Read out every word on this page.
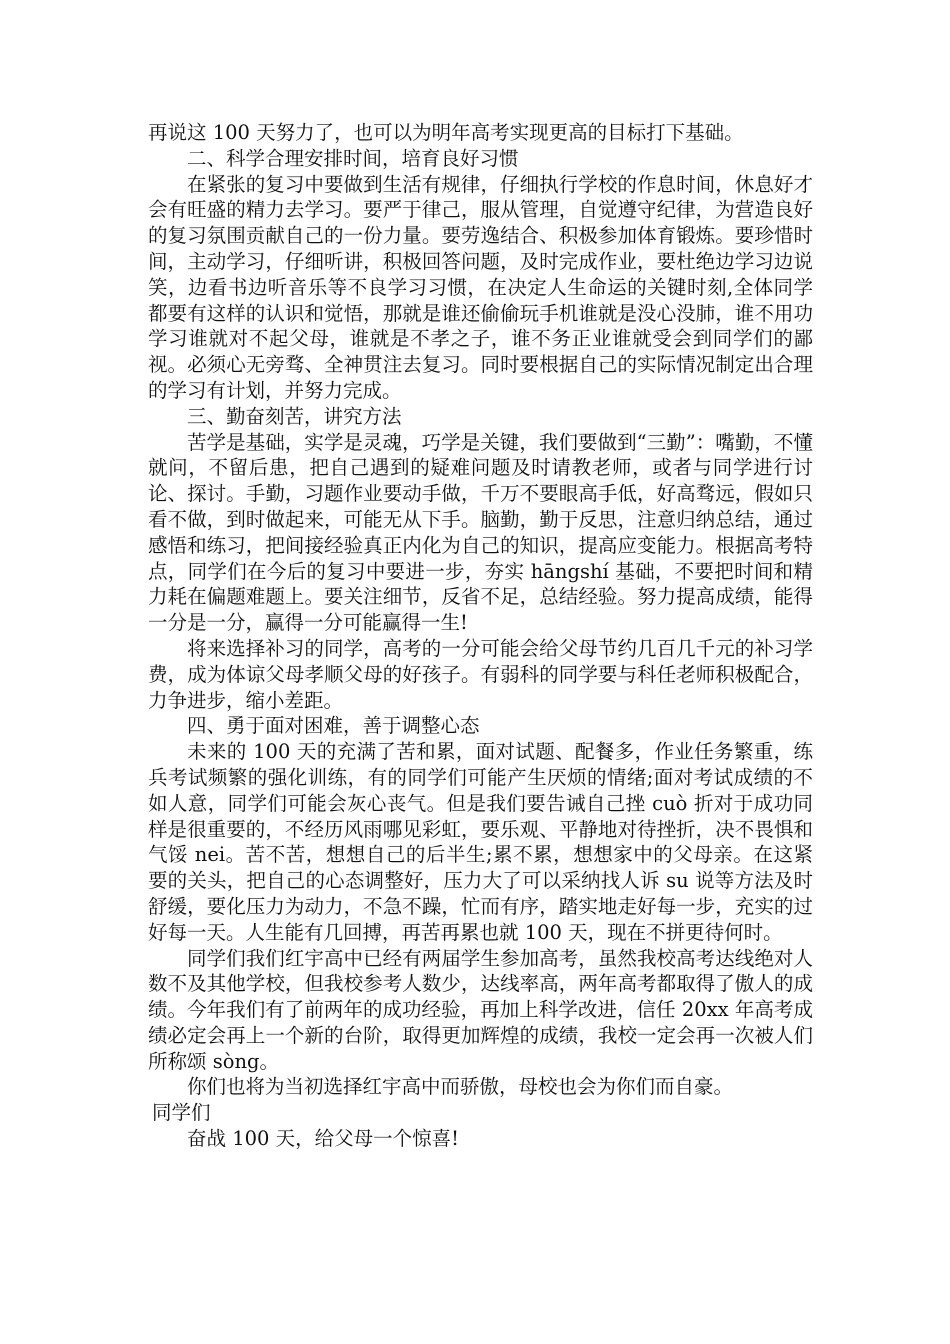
再说这 100 天努力了，也可以为明年高考实现更高的目标打下基础。

二、科学合理安排时间，培育良好习惯

在紧张的复习中要做到生活有规律，仔细执行学校的作息时间，休息好才会有旺盛的精力去学习。要严于律己，服从管理，自觉遵守纪律，为营造良好的复习氛围贡献自己的一份力量。要劳逸结合、积极参加体育锻炼。要珍惜时间，主动学习，仔细听讲，积极回答问题，及时完成作业，要杜绝边学习边说笑，边看书边听音乐等不良学习习惯，在决定人生命运的关键时刻,全体同学都要有这样的认识和觉悟，那就是谁还偷偷玩手机谁就是没心没肺，谁不用功学习谁就对不起父母，谁就是不孝之子，谁不务正业谁就受会到同学们的鄙视。必须心无旁骛、全神贯注去复习。同时要根据自己的实际情况制定出合理的学习有计划，并努力完成。

三、勤奋刻苦，讲究方法

苦学是基础，实学是灵魂，巧学是关键，我们要做到“三勤”：嘴勤，不懂就问，不留后患，把自己遇到的疑难问题及时请教老师，或者与同学进行讨论、探讨。手勤，习题作业要动手做，千万不要眼高手低，好高骛远，假如只看不做，到时做起来，可能无从下手。脑勤，勤于反思，注意归纳总结，通过感悟和练习，把间接经验真正内化为自己的知识，提高应变能力。根据高考特点，同学们在今后的复习中要进一步，夯实 hāngshí 基础，不要把时间和精力耗在偏题难题上。要关注细节，反省不足，总结经验。努力提高成绩，能得一分是一分，赢得一分可能赢得一生!

将来选择补习的同学，高考的一分可能会给父母节约几百几千元的补习学费，成为体谅父母孝顺父母的好孩子。有弱科的同学要与科任老师积极配合，力争进步，缩小差距。

四、勇于面对困难，善于调整心态

未来的 100 天的充满了苦和累，面对试题、配餐多，作业任务繁重，练兵考试频繁的强化训练，有的同学们可能产生厌烦的情绪;面对考试成绩的不如人意，同学们可能会灰心丧气。但是我们要告诫自己挫 cuò 折对于成功同样是很重要的，不经历风雨哪见彩虹，要乐观、平静地对待挫折，决不畏惧和气馁 nei。苦不苦，想想自己的后半生;累不累，想想家中的父母亲。在这紧要的关头，把自己的心态调整好，压力大了可以采纳找人诉 su 说等方法及时舒缓，要化压力为动力，不急不躁，忙而有序，踏实地走好每一步，充实的过好每一天。人生能有几回搏，再苦再累也就 100 天，现在不拼更待何时。

同学们我们红宇高中已经有两届学生参加高考，虽然我校高考达线绝对人数不及其他学校，但我校参考人数少，达线率高，两年高考都取得了傲人的成绩。今年我们有了前两年的成功经验，再加上科学改进，信任 20xx 年高考成绩必定会再上一个新的台阶，取得更加辉煌的成绩，我校一定会再一次被人们所称颂 sòng。

你们也将为当初选择红宇高中而骄傲，母校也会为你们而自豪。

同学们

奋战 100 天，给父母一个惊喜!
